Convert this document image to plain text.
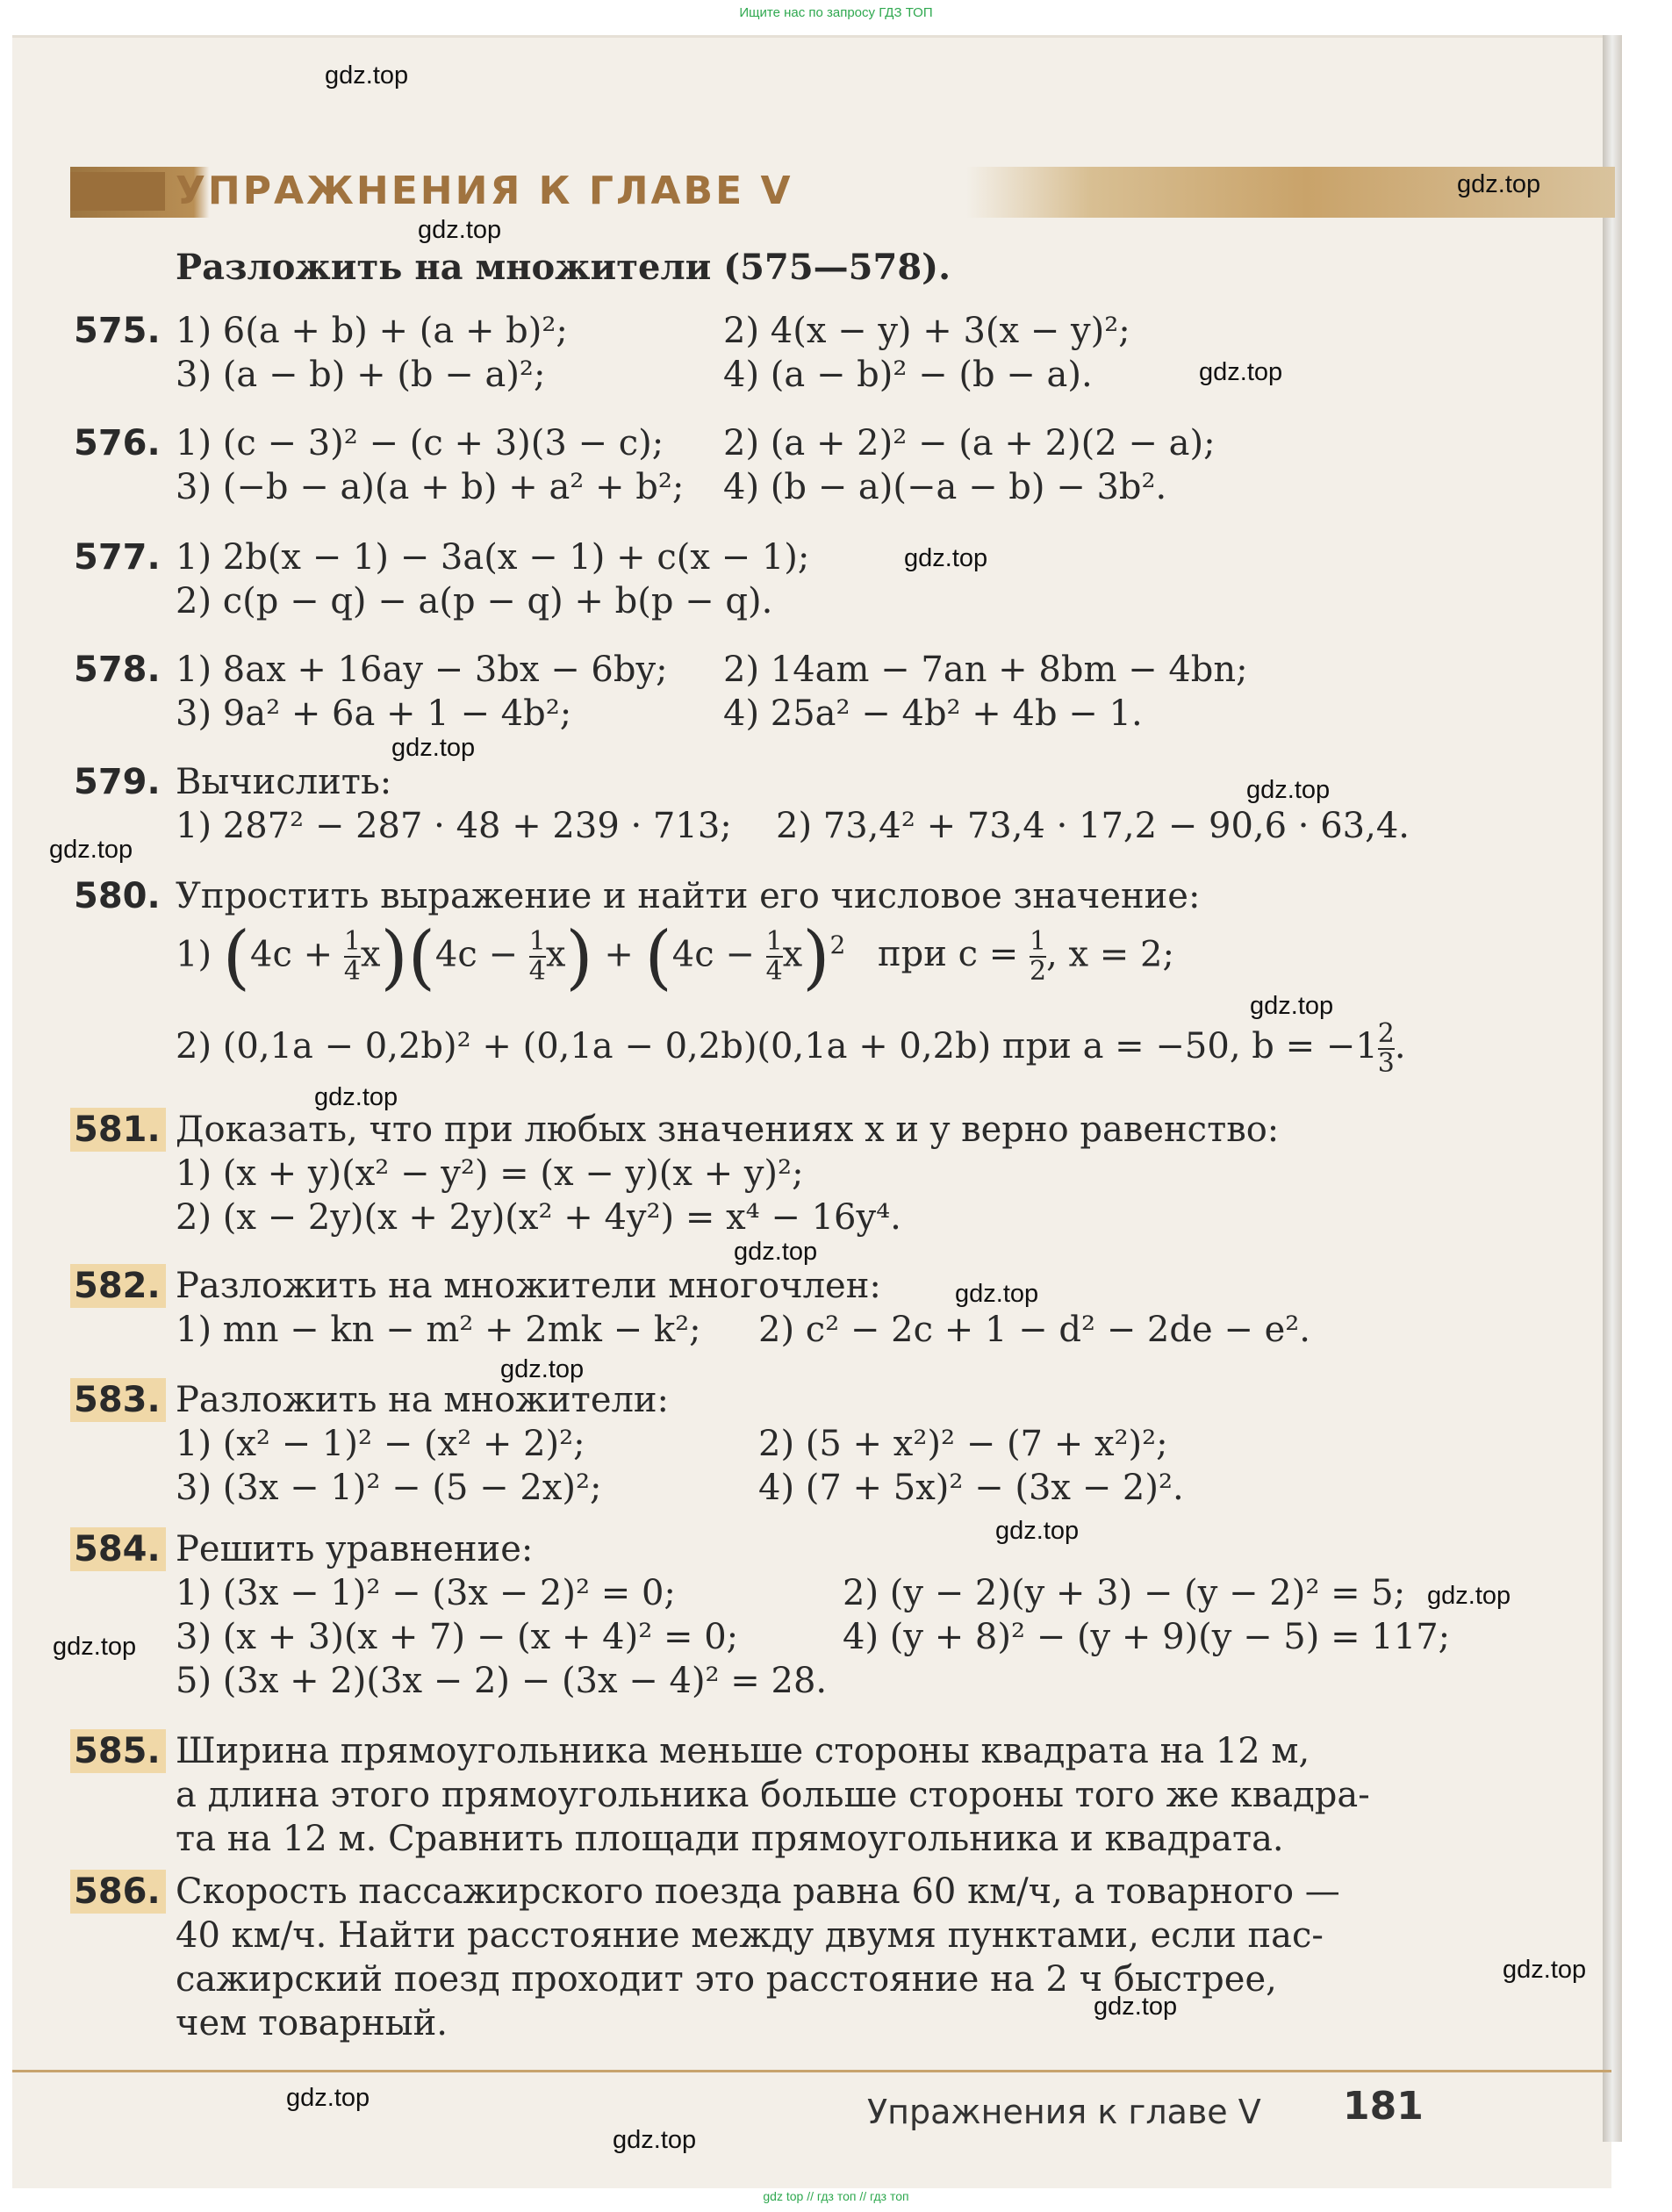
Ищите нас по запросу ГДЗ ТОП
УПРАЖНЕНИЯ К ГЛАВЕ V
Разложить на множители (575—578).
575. 1) 6(a + b) + (a + b)²;	2) 4(x − y) + 3(x − y)²;
3) (a − b) + (b − a)²;	4) (a − b)² − (b − a).
576. 1) (c − 3)² − (c + 3)(3 − c); 2) (a + 2)² − (a + 2)(2 − a);
3) (−b − a)(a + b) + a² + b²; 4) (b − a)(−a − b) − 3b².
577. 1) 2b(x − 1) − 3a(x − 1) + c(x − 1);
2) c(p − q) − a(p − q) + b(p − q).
578. 1) 8ax + 16ay − 3bx − 6by; 2) 14am − 7an + 8bm − 4bn;
3) 9a² + 6a + 1 − 4b²;	4) 25a² − 4b² + 4b − 1.
579. Вычислить:
1) 287² − 287 · 48 + 239 · 713; 2) 73,4² + 73,4 · 17,2 − 90,6 · 63,4.
580. Упростить выражение и найти его числовое значение:
1) $(4c + \frac{1}{4} x)(4c - \frac{1}{4} x) + (4c - \frac{1}{4} x)^2$ при $c = \frac{1}{2}$ , x = 2;
2) (0,1a − 0,2b)² + (0,1a − 0,2b)(0,1a + 0,2b) при a = −50, $b = -1 \frac{2}{3}$ .
581. Доказать, что при любых значениях x и y верно равенство:
1) (x + y)(x² − y²) = (x − y)(x + y)²;
2) (x − 2y)(x + 2y)(x² + 4y²) = x⁴ − 16y⁴.
582. Разложить на множители многочлен:
1) mn − kn − m² + 2mk − k²; 2) c² − 2c + 1 − d² − 2de − e².
583. Разложить на множители:
1) (x² − 1)² − (x² + 2)²;	2) (5 + x²)² − (7 + x²)²;
3) (3x − 1)² − (5 − 2x)²;	4) (7 + 5x)² − (3x − 2)².
584. Решить уравнение:
1) (3x − 1)² − (3x − 2)² = 0;	2) (y − 2)(y + 3) − (y − 2)² = 5;
3) (x + 3)(x + 7) − (x + 4)² = 0;	4) (y + 8)² − (y + 9)(y − 5) = 117;
5) (3x + 2)(3x − 2) − (3x − 4)² = 28.
585. Ширина прямоугольника меньше стороны квадрата на 12 м,
а длина этого прямоугольника больше стороны того же квадра-
та на 12 м. Сравнить площади прямоугольника и квадрата.
586. Скорость пассажирского поезда равна 60 км/ч, а товарного —
40 км/ч. Найти расстояние между двумя пунктами, если пас-
сажирский поезд проходит это расстояние на 2 ч быстрее,
чем товарный.
Упражнения к главе V 181
gdz.top
gdz.top
gdz.top
gdz.top
gdz.top
gdz.top
gdz.top
gdz.top
gdz.top
gdz.top
gdz.top
gdz.top
gdz.top
gdz.top
gdz.top
gdz.top
gdz.top
gdz.top
gdz.top
gdz.top
gdz top // гдз топ // гдз топ
